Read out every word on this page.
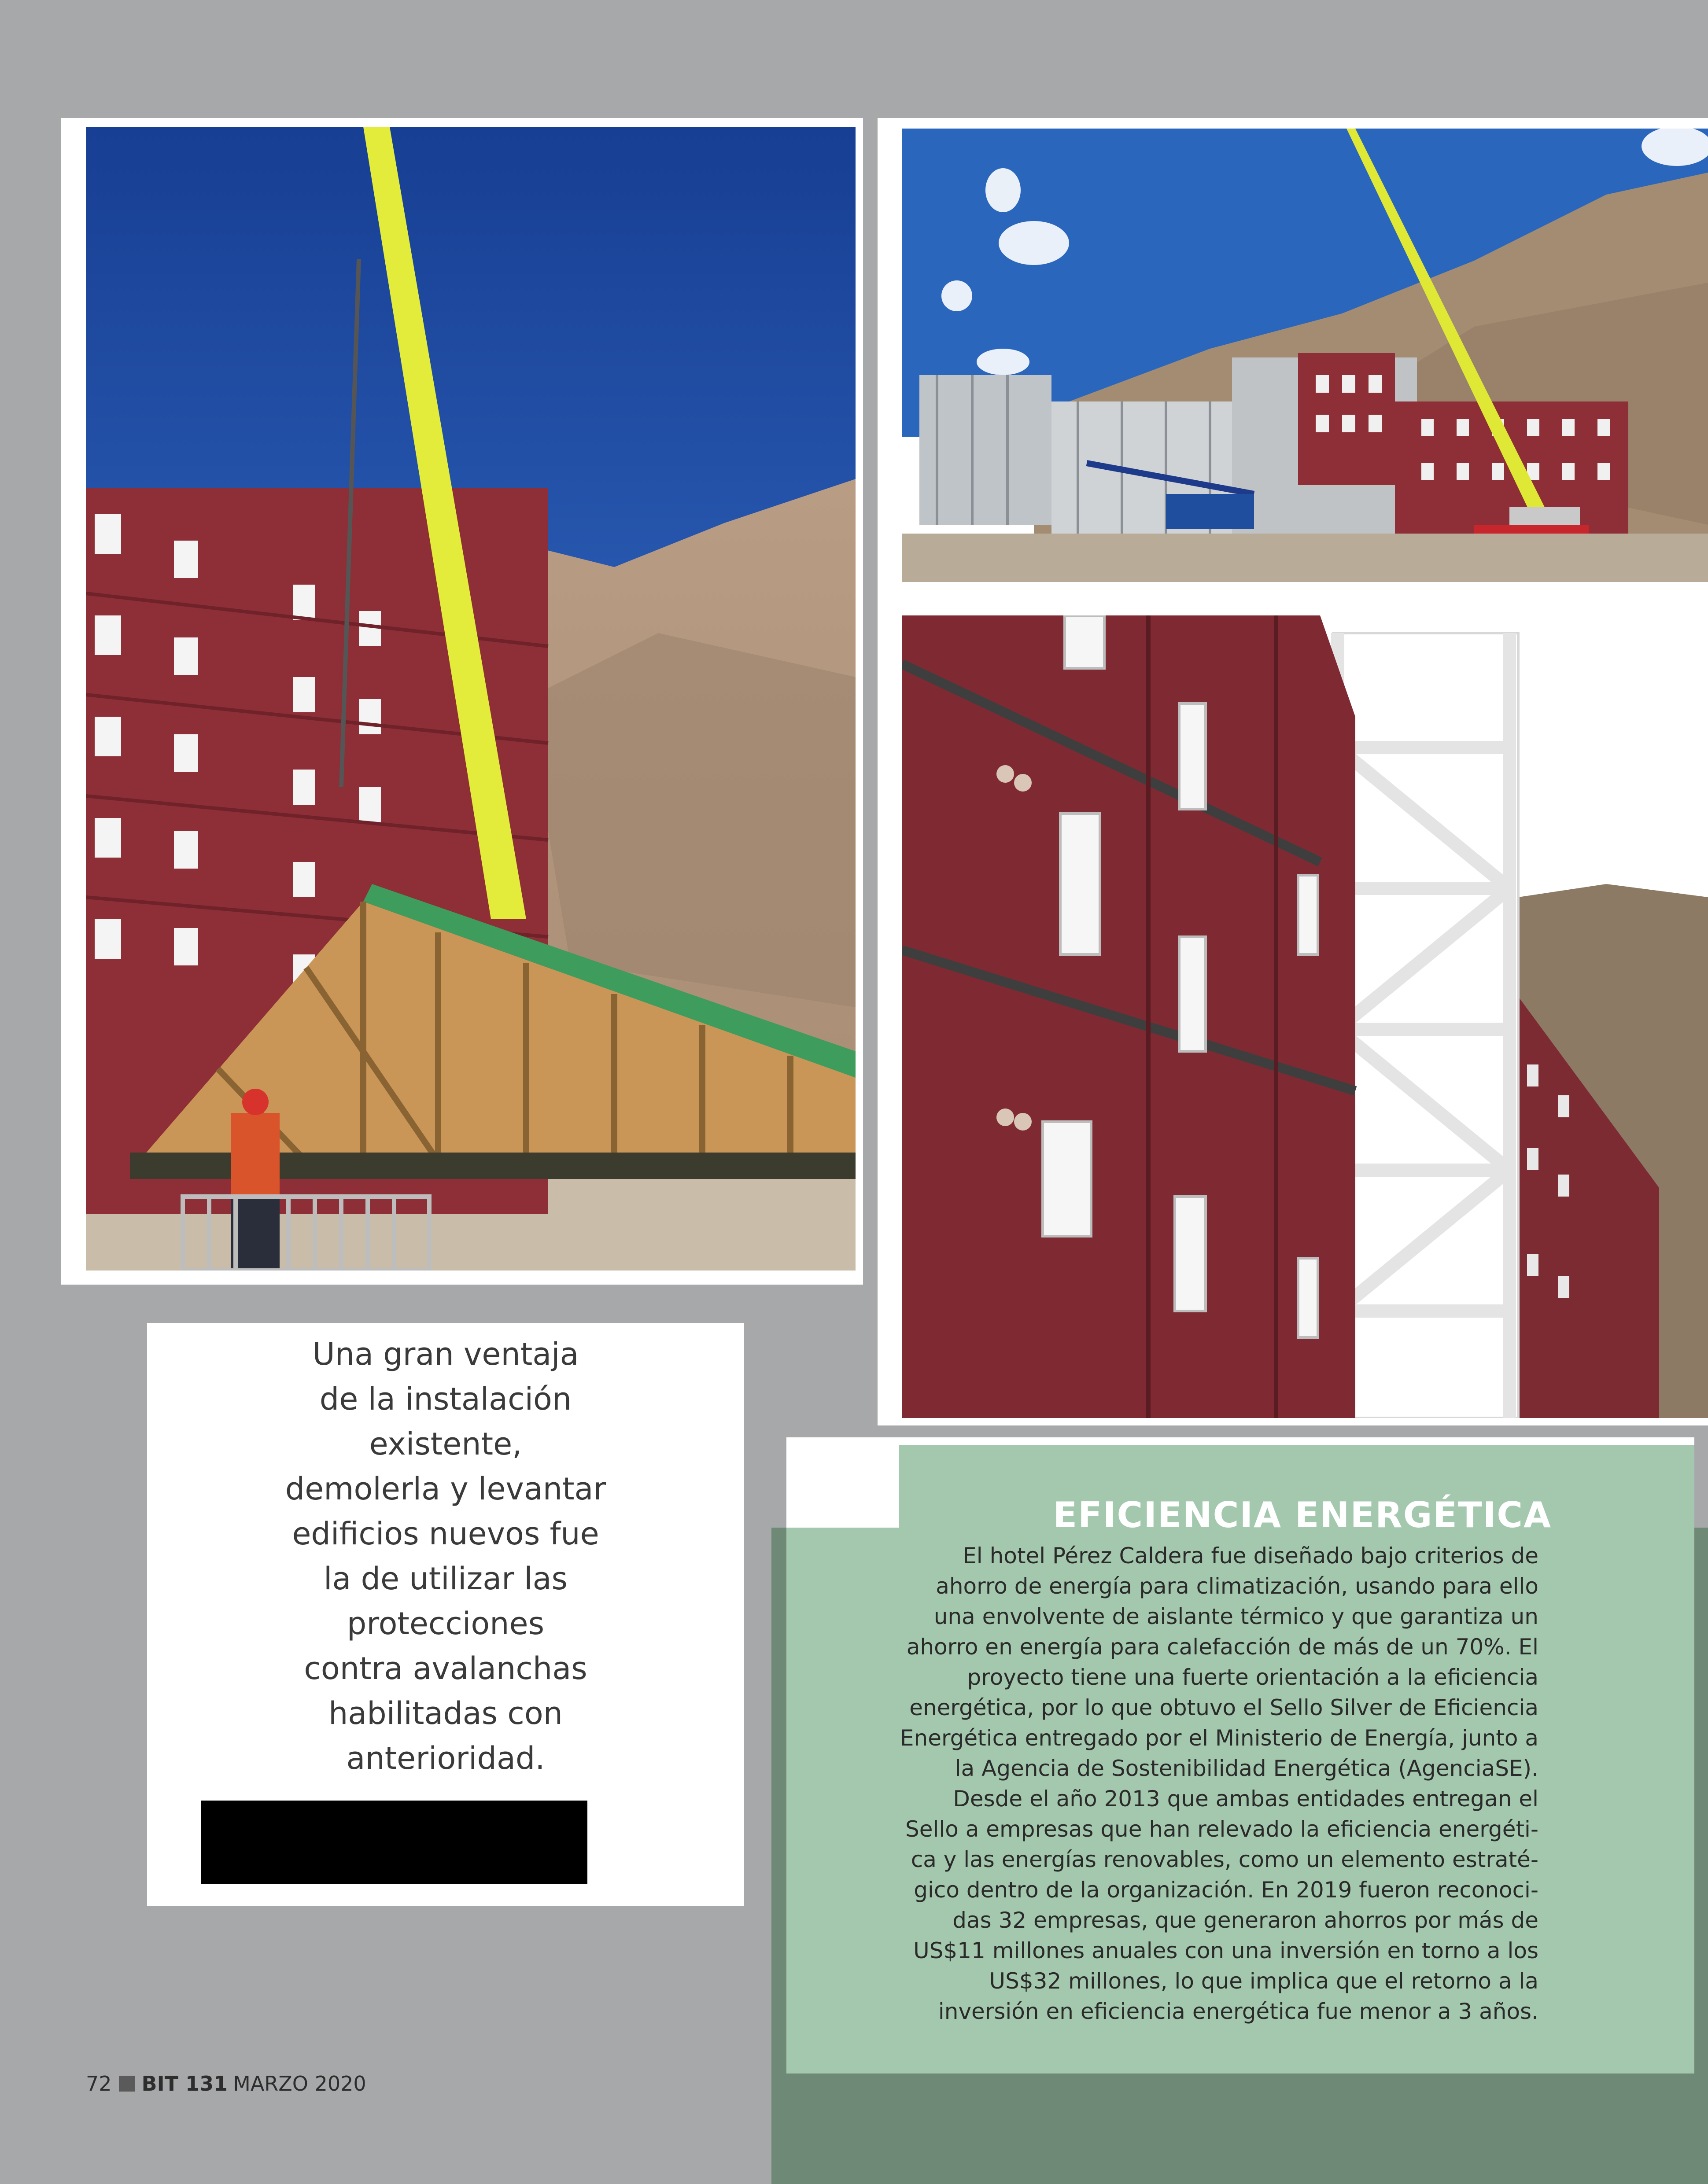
Una gran ventaja
de la instalación
existente,
demolerla y levantar
edificios nuevos fue
la de utilizar las
protecciones
contra avalanchas
habilitadas con
anterioridad.
EFICIENCIA ENERGÉTICA
El hotel Pérez Caldera fue diseñado bajo criterios de
ahorro de energía para climatización, usando para ello
una envolvente de aislante térmico y que garantiza un
ahorro en energía para calefacción de más de un 70%. El
proyecto tiene una fuerte orientación a la eficiencia
energética, por lo que obtuvo el Sello Silver de Eficiencia
Energética entregado por el Ministerio de Energía, junto a
la Agencia de Sostenibilidad Energética (AgenciaSE).
Desde el año 2013 que ambas entidades entregan el
Sello a empresas que han relevado la eficiencia energéti-
ca y las energías renovables, como un elemento estraté-
gico dentro de la organización. En 2019 fueron reconoci-
das 32 empresas, que generaron ahorros por más de
US$11 millones anuales con una inversión en torno a los
US$32 millones, lo que implica que el retorno a la
inversión en eficiencia energética fue menor a 3 años.
72 BIT 131 MARZO 2020
